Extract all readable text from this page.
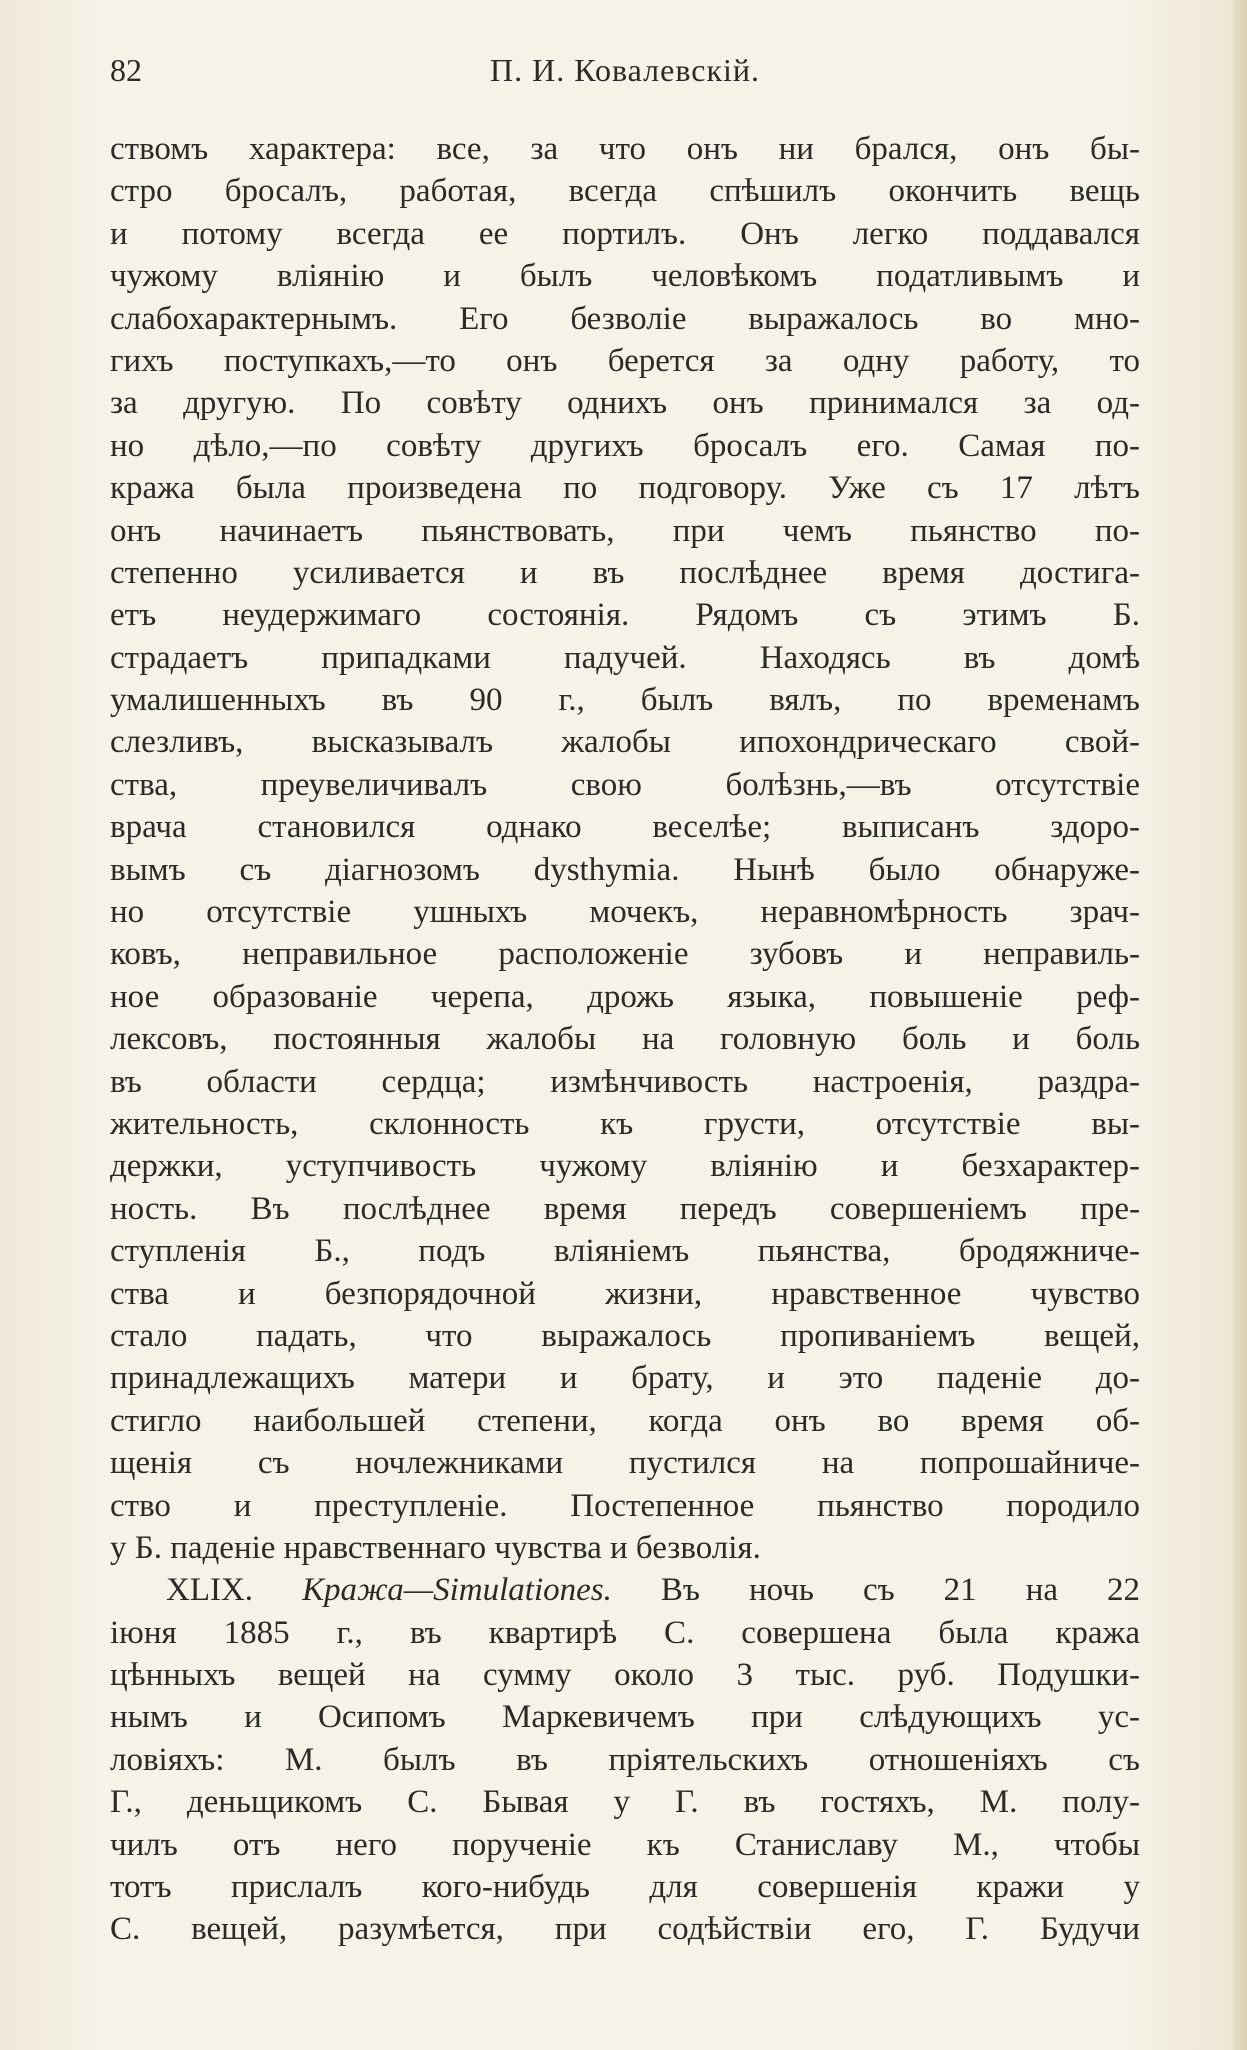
82	П. И. Ковалевскій.
ствомъ характера: все, за что онъ ни брался, онъ бы-
стро бросалъ, работая, всегда спѣшилъ окончить вещь
и потому всегда ее портилъ. Онъ легко поддавался
чужому вліянію и былъ человѣкомъ податливымъ и
слабохарактернымъ. Его безволіе выражалось во мно-
гихъ поступкахъ,—то онъ берется за одну работу, то
за другую. По совѣту однихъ онъ принимался за од-
но дѣло,—по совѣту другихъ бросалъ его. Самая по-
кража была произведена по подговору. Уже съ 17 лѣтъ
онъ начинаетъ пьянствовать, при чемъ пьянство по-
степенно усиливается и въ послѣднее время достига-
етъ неудержимаго состоянія. Рядомъ съ этимъ Б.
страдаетъ припадками падучей. Находясь въ домѣ
умалишенныхъ въ 90 г., былъ вялъ, по временамъ
слезливъ, высказывалъ жалобы ипохондрическаго свой-
ства, преувеличивалъ свою болѣзнь,—въ отсутствіе
врача становился однако веселѣе; выписанъ здоро-
вымъ съ діагнозомъ dysthymia. Нынѣ было обнаруже-
но отсутствіе ушныхъ мочекъ, неравномѣрность зрач-
ковъ, неправильное расположеніе зубовъ и неправиль-
ное образованіе черепа, дрожь языка, повышеніе реф-
лексовъ, постоянныя жалобы на головную боль и боль
въ области сердца; измѣнчивость настроенія, раздра-
жительность, склонность къ грусти, отсутствіе вы-
держки, уступчивость чужому вліянію и безхарактер-
ность. Въ послѣднее время передъ совершеніемъ пре-
ступленія Б., подъ вліяніемъ пьянства, бродяжниче-
ства и безпорядочной жизни, нравственное чувство
стало падать, что выражалось пропиваніемъ вещей,
принадлежащихъ матери и брату, и это паденіе до-
стигло наибольшей степени, когда онъ во время об-
щенія съ ночлежниками пустился на попрошайниче-
ство и преступленіе. Постепенное пьянство породило
у Б. паденіе нравственнаго чувства и безволія.
XLIX. Кража—Simulationes. Въ ночь съ 21 на 22
іюня 1885 г., въ квартирѣ С. совершена была кража
цѣнныхъ вещей на сумму около 3 тыс. руб. Подушки-
нымъ и Осипомъ Маркевичемъ при слѣдующихъ ус-
ловіяхъ: М. былъ въ пріятельскихъ отношеніяхъ съ
Г., деньщикомъ С. Бывая у Г. въ гостяхъ, М. полу-
чилъ отъ него порученіе къ Станиславу М., чтобы
тотъ прислалъ кого-нибудь для совершенія кражи у
С. вещей, разумѣется, при содѣйствіи его, Г. Будучи
